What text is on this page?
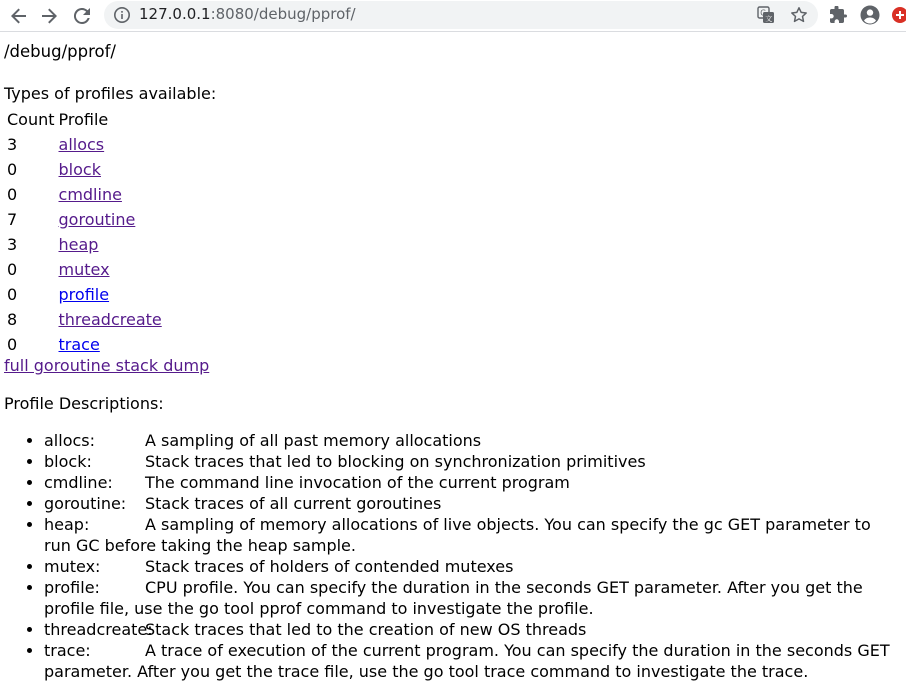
127.0.0.1:8080/debug/pprof/	G
文
/debug/pprof/
Types of profiles available:
Count	Profile
3	allocs
0	block
0	cmdline
7	goroutine
3	heap
0	mutex
0	profile
8	threadcreate
0	trace
full goroutine stack dump
Profile Descriptions:
• allocs:	A sampling of all past memory allocations
• block:	Stack traces that led to blocking on synchronization primitives
• cmdline: The command line invocation of the current program
• goroutine: Stack traces of all current goroutines
• heap:	A sampling of memory allocations of live objects. You can specify the gc GET parameter to run GC before taking the heap sample.
• mutex:	Stack traces of holders of contended mutexes
• profile:	CPU profile. You can specify the duration in the seconds GET parameter. After you get the profile file, use the go tool pprof command to investigate the profile.
• threadcreate:Stack traces that led to the creation of new OS threads
• trace:	A trace of execution of the current program. You can specify the duration in the seconds GET parameter. After you get the trace file, use the go tool trace command to investigate the trace.
